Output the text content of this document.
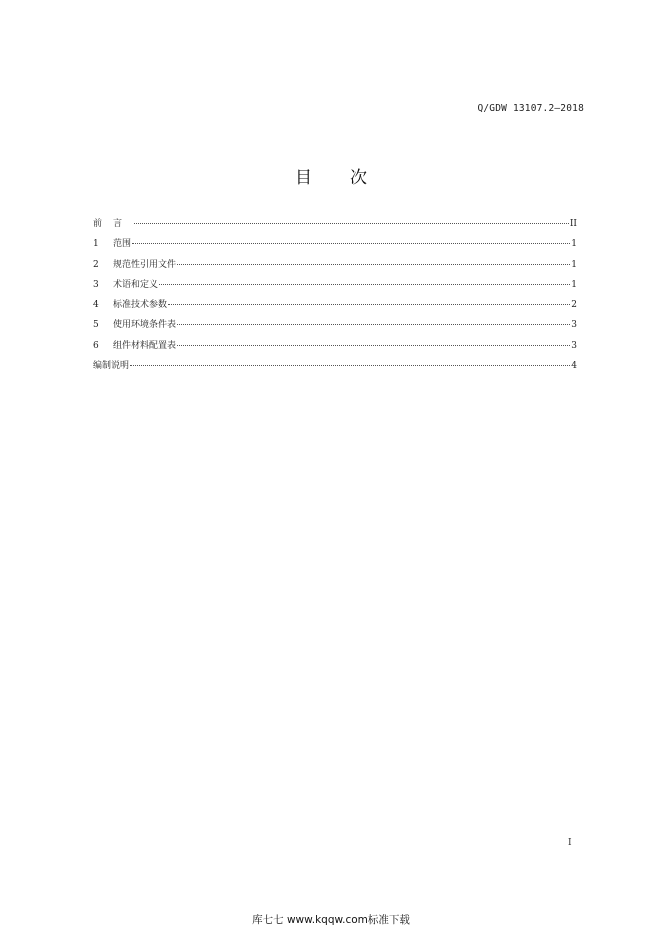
Q/GDW 13107.2—2018
目 次
前言	II
1	范围	1
2	规范性引用文件	1
3	术语和定义	1
4	标准技术参数	2
5	使用环境条件表	3
6	组件材料配置表	3
编制说明	4
I
库七七 www.kqqw.com标准下载
